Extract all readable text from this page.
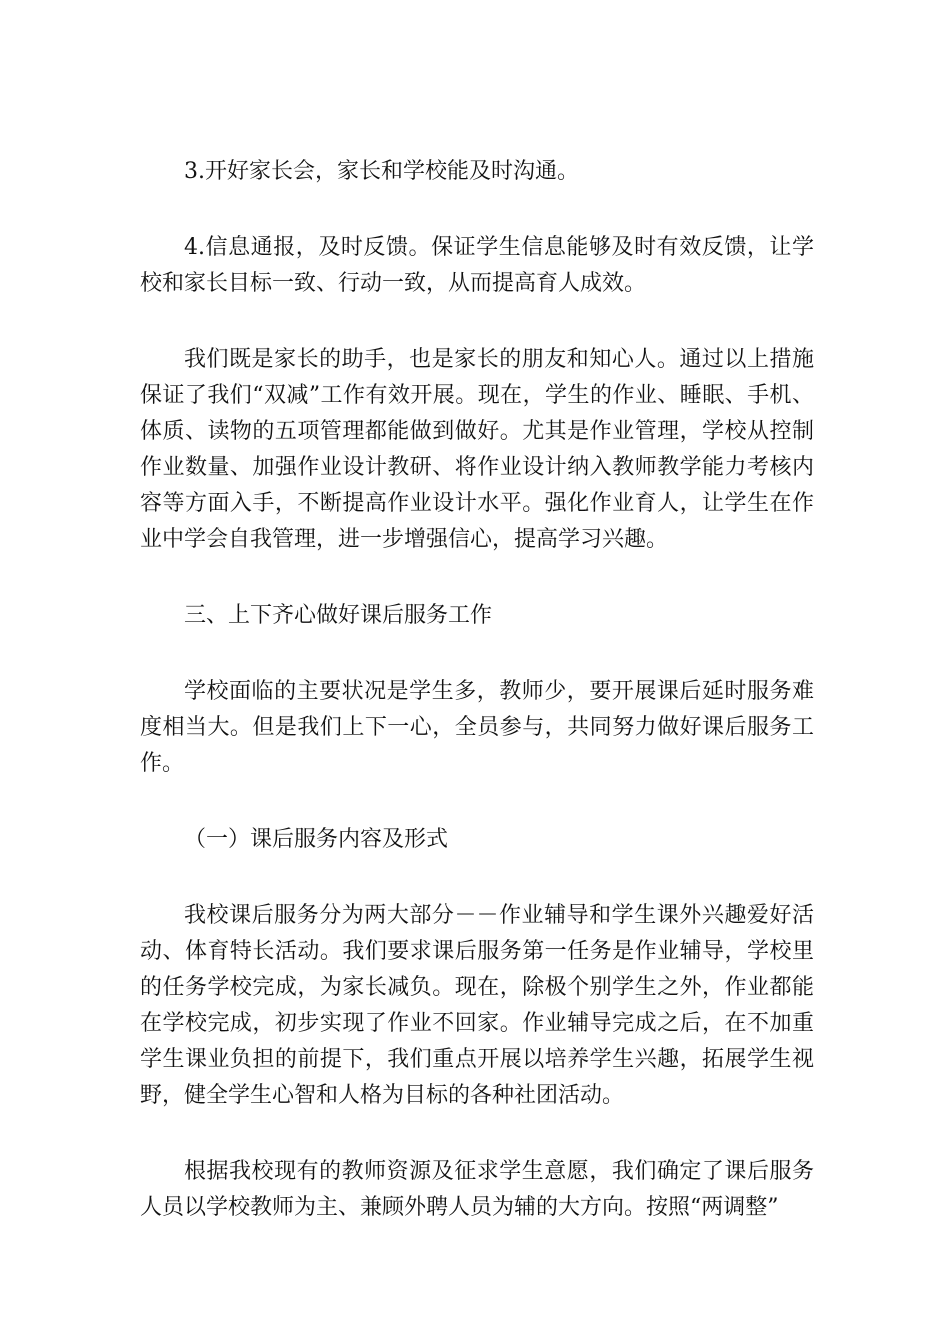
3.开好家长会，家长和学校能及时沟通。

4.信息通报，及时反馈。保证学生信息能够及时有效反馈，让学校和家长目标一致、行动一致，从而提高育人成效。

我们既是家长的助手，也是家长的朋友和知心人。通过以上措施保证了我们“双减”工作有效开展。现在，学生的作业、睡眠、手机、体质、读物的五项管理都能做到做好。尤其是作业管理，学校从控制作业数量、加强作业设计教研、将作业设计纳入教师教学能力考核内容等方面入手，不断提高作业设计水平。强化作业育人，让学生在作业中学会自我管理，进一步增强信心，提高学习兴趣。

三、上下齐心做好课后服务工作

学校面临的主要状况是学生多，教师少，要开展课后延时服务难度相当大。但是我们上下一心，全员参与，共同努力做好课后服务工作。

（一）课后服务内容及形式

我校课后服务分为两大部分－－作业辅导和学生课外兴趣爱好活动、体育特长活动。我们要求课后服务第一任务是作业辅导，学校里的任务学校完成，为家长减负。现在，除极个别学生之外，作业都能在学校完成，初步实现了作业不回家。作业辅导完成之后，在不加重学生课业负担的前提下，我们重点开展以培养学生兴趣，拓展学生视野，健全学生心智和人格为目标的各种社团活动。

根据我校现有的教师资源及征求学生意愿，我们确定了课后服务人员以学校教师为主、兼顾外聘人员为辅的大方向。按照“两调整”
